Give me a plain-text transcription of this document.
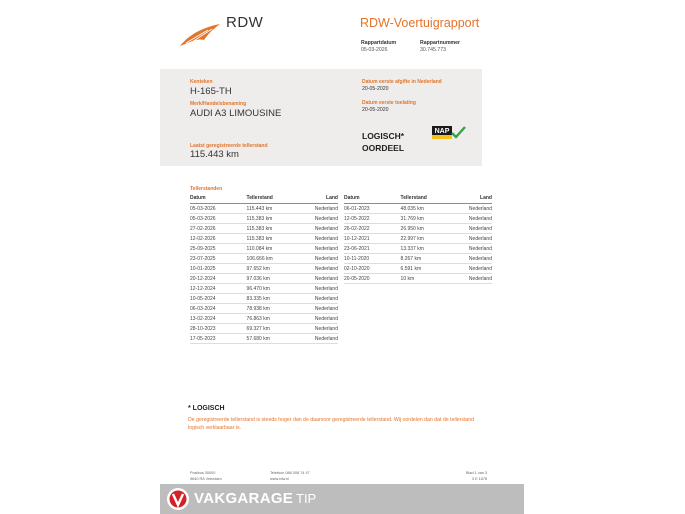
RDW	RDW-Voertuigrapport
Rappartdatum
05-03-2026
Rappartnummer
30.745.773
Kenteken
H-165-TH
Merk/Handelsbenaming
AUDI A3 LIMOUSINE
Laatst geregistreerde tellerstand
115.443 km
Datum eerste afgifte in Nederland
20-05-2020
Datum eerste toelating
20-05-2020
LOGISCH*
OORDEEL
NAP
Tellerstanden
Datum	Tellerstand	Land
05-03-2026	115.443 km	Nederland
05-03-2026	115.383 km	Nederland
27-02-2026	115.383 km	Nederland
12-02-2026	115.383 km	Nederland
25-09-2025	110.084 km	Nederland
23-07-2025	106.666 km	Nederland
10-01-2025	97.652 km	Nederland
20-12-2024	97.036 km	Nederland
12-12-2024	96.470 km	Nederland
10-05-2024	83.335 km	Nederland
06-03-2024	78.938 km	Nederland
13-02-2024	76.863 km	Nederland
28-10-2023	69.327 km	Nederland
17-05-2023	57.680 km	Nederland
Datum	Tellerstand	Land
06-01-2023	48.035 km	Nederland
12-05-2022	31.769 km	Nederland
26-02-2022	26.950 km	Nederland
10-12-2021	22.997 km	Nederland
23-06-2021	13.337 km	Nederland
10-11-2020	8.267 km	Nederland
02-10-2020	6.591 km	Nederland
20-05-2020	10 km	Nederland
* LOGISCH
De geregistreerde tellerstand is steeds hoger dan de daarvoor geregistreerde tellerstand. Wij oordelen dan dat de tellerstand logisch verklaarbaar is.
Postbus 30000
9640 RA Veendam
Telefoon 088 008 74 47
www.rdw.nl
Blad 1 van 3
3 E 1678
VAKGARAGE TIP
